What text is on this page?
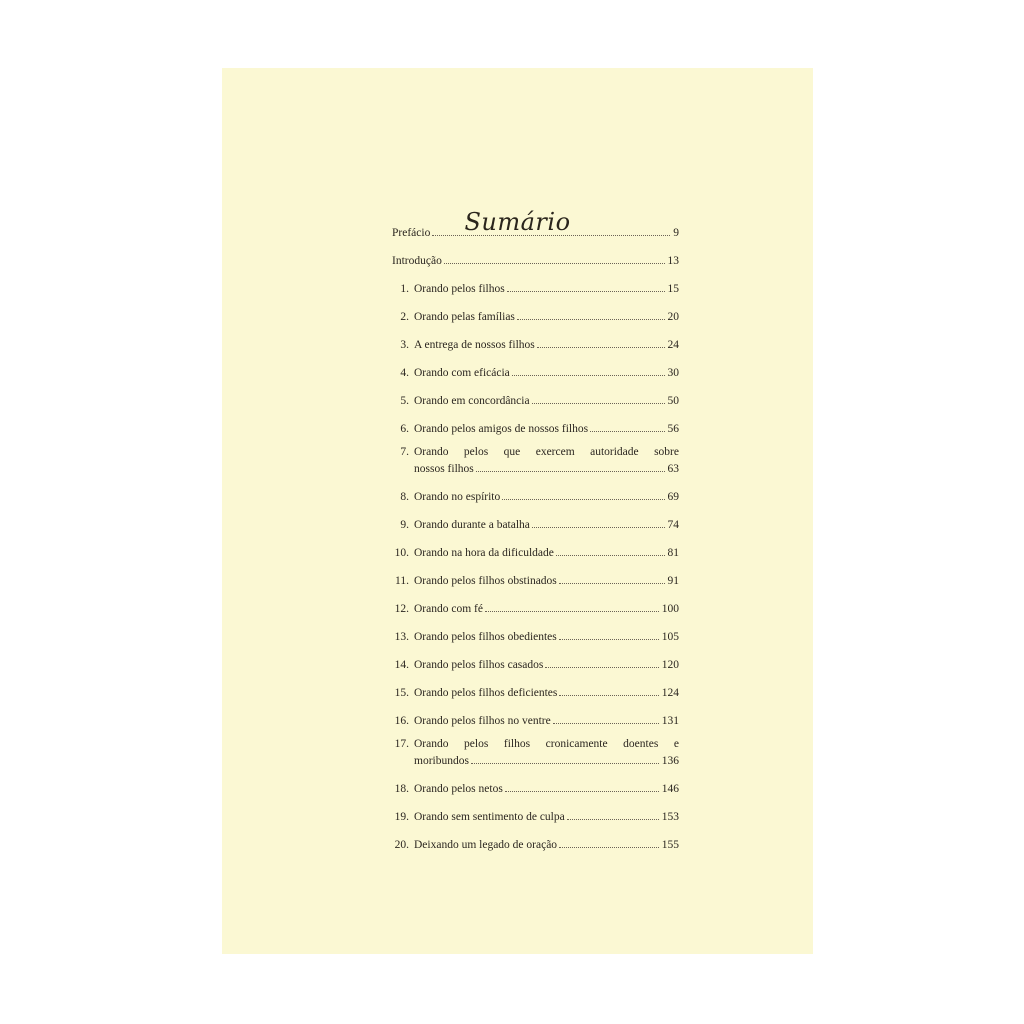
Sumário
Prefácio	9
Introdução	13
1. Orando pelos filhos	15
2. Orando pelas famílias	20
3. A entrega de nossos filhos	24
4. Orando com eficácia	30
5. Orando em concordância	50
6. Orando pelos amigos de nossos filhos	56
7. Orando pelos que exercem autoridade sobre
nossos filhos	63
8. Orando no espírito	69
9. Orando durante a batalha	74
10. Orando na hora da dificuldade	81
11. Orando pelos filhos obstinados	91
12. Orando com fé	100
13. Orando pelos filhos obedientes	105
14. Orando pelos filhos casados	120
15. Orando pelos filhos deficientes	124
16. Orando pelos filhos no ventre	131
17. Orando pelos filhos cronicamente doentes e
moribundos	136
18. Orando pelos netos	146
19. Orando sem sentimento de culpa	153
20. Deixando um legado de oração	155
